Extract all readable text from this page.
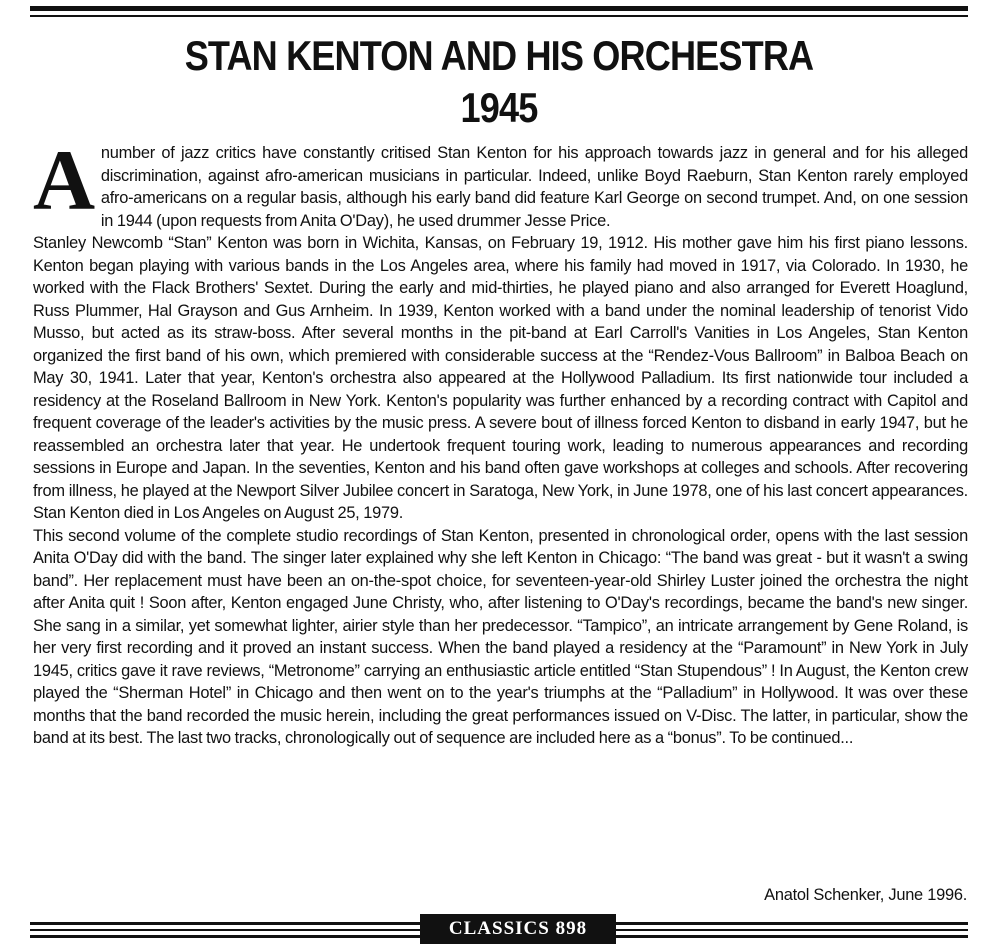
STAN KENTON AND HIS ORCHESTRA
1945

A number of jazz critics have constantly critised Stan Kenton for his approach towards jazz in general and for his alleged discrimination, against afro-american musicians in particular. Indeed, unlike Boyd Raeburn, Stan Kenton rarely employed afro-americans on a regular basis, although his early band did feature Karl George on second trumpet. And, on one session in 1944 (upon requests from Anita O'Day), he used drummer Jesse Price.

Stanley Newcomb “Stan” Kenton was born in Wichita, Kansas, on February 19, 1912. His mother gave him his first piano lessons. Kenton began playing with various bands in the Los Angeles area, where his family had moved in 1917, via Colorado. In 1930, he worked with the Flack Brothers' Sextet. During the early and mid-thirties, he played piano and also arranged for Everett Hoaglund, Russ Plummer, Hal Grayson and Gus Arnheim. In 1939, Kenton worked with a band under the nominal leadership of tenorist Vido Musso, but acted as its straw-boss. After several months in the pit-band at Earl Carroll's Vanities in Los Angeles, Stan Kenton organized the first band of his own, which premiered with considerable success at the “Rendez-Vous Ballroom” in Balboa Beach on May 30, 1941. Later that year, Kenton's orchestra also appeared at the Hollywood Palladium. Its first nationwide tour included a residency at the Roseland Ballroom in New York. Kenton's popularity was further enhanced by a recording contract with Capitol and frequent coverage of the leader's activities by the music press. A severe bout of illness forced Kenton to disband in early 1947, but he reassembled an orchestra later that year. He undertook frequent touring work, leading to numerous appearances and recording sessions in Europe and Japan. In the seventies, Kenton and his band often gave workshops at colleges and schools. After recovering from illness, he played at the Newport Silver Jubilee concert in Saratoga, New York, in June 1978, one of his last concert appearances. Stan Kenton died in Los Angeles on August 25, 1979.

This second volume of the complete studio recordings of Stan Kenton, presented in chronological order, opens with the last session Anita O'Day did with the band. The singer later explained why she left Kenton in Chicago: “The band was great - but it wasn't a swing band”. Her replacement must have been an on-the-spot choice, for seventeen-year-old Shirley Luster joined the orchestra the night after Anita quit ! Soon after, Kenton engaged June Christy, who, after listening to O'Day's recordings, became the band's new singer. She sang in a similar, yet somewhat lighter, airier style than her predecessor. “Tampico”, an intricate arrangement by Gene Roland, is her very first recording and it proved an instant success. When the band played a residency at the “Paramount” in New York in July 1945, critics gave it rave reviews, “Metronome” carrying an enthusiastic article entitled “Stan Stupendous” ! In August, the Kenton crew played the “Sherman Hotel” in Chicago and then went on to the year's triumphs at the “Palladium” in Hollywood. It was over these months that the band recorded the music herein, including the great performances issued on V-Disc. The latter, in particular, show the band at its best. The last two tracks, chronologically out of sequence are included here as a “bonus”. To be continued...

Anatol Schenker, June 1996.
CLASSICS 898
